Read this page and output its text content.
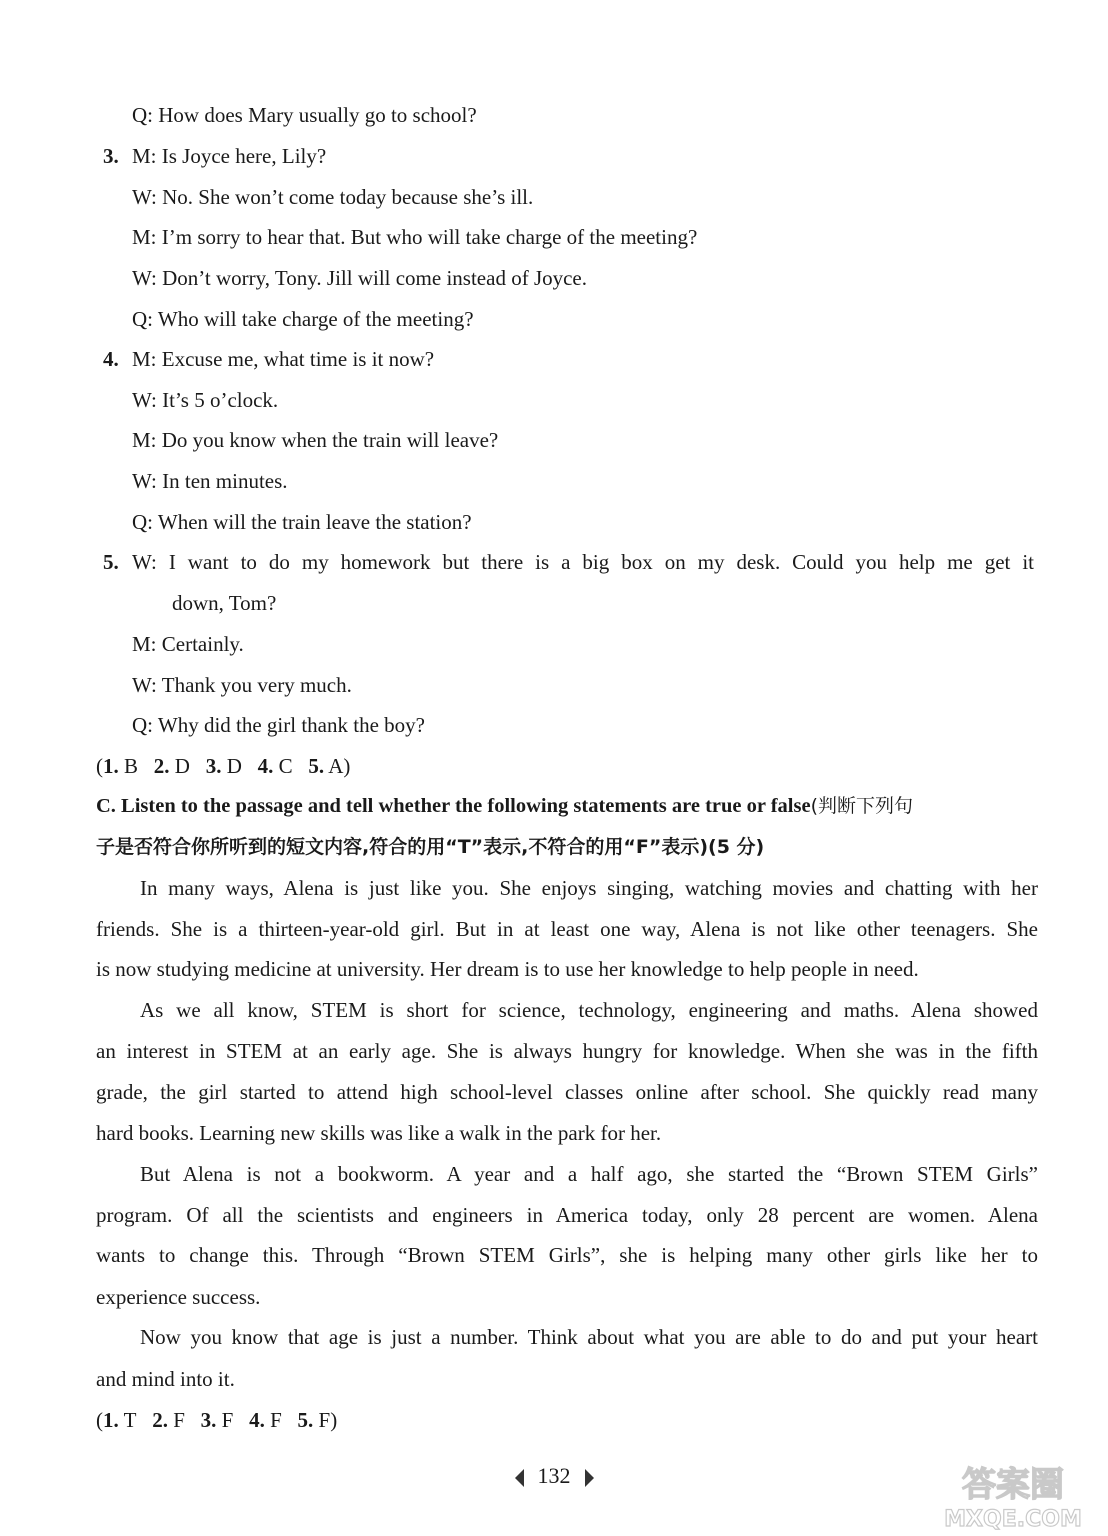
Q: How does Mary usually go to school?
3. M: Is Joyce here, Lily?
W: No. She won’t come today because she’s ill.
M: I’m sorry to hear that. But who will take charge of the meeting?
W: Don’t worry, Tony. Jill will come instead of Joyce.
Q: Who will take charge of the meeting?
4. M: Excuse me, what time is it now?
W: It’s 5 o’clock.
M: Do you know when the train will leave?
W: In ten minutes.
Q: When will the train leave the station?
5. W: I want to do my homework but there is a big box on my desk. Could you help me get it
down, Tom?
M: Certainly.
W: Thank you very much.
Q: Why did the girl thank the boy?
(1. B 2. D 3. D 4. C 5. A)
C. Listen to the passage and tell whether the following statements are true or false(判断下列句
子是否符合你所听到的短文内容,符合的用“T”表示,不符合的用“F”表示)(5 分)
In many ways, Alena is just like you. She enjoys singing, watching movies and chatting with her
friends. She is a thirteen-year-old girl. But in at least one way, Alena is not like other teenagers. She
is now studying medicine at university. Her dream is to use her knowledge to help people in need.
As we all know, STEM is short for science, technology, engineering and maths. Alena showed
an interest in STEM at an early age. She is always hungry for knowledge. When she was in the fifth
grade, the girl started to attend high school-level classes online after school. She quickly read many
hard books. Learning new skills was like a walk in the park for her.
But Alena is not a bookworm. A year and a half ago, she started the “Brown STEM Girls”
program. Of all the scientists and engineers in America today, only 28 percent are women. Alena
wants to change this. Through “Brown STEM Girls”, she is helping many other girls like her to
experience success.
Now you know that age is just a number. Think about what you are able to do and put your heart
and mind into it.
(1. T 2. F 3. F 4. F 5. F)
132	答案圈
MXQE.COM
